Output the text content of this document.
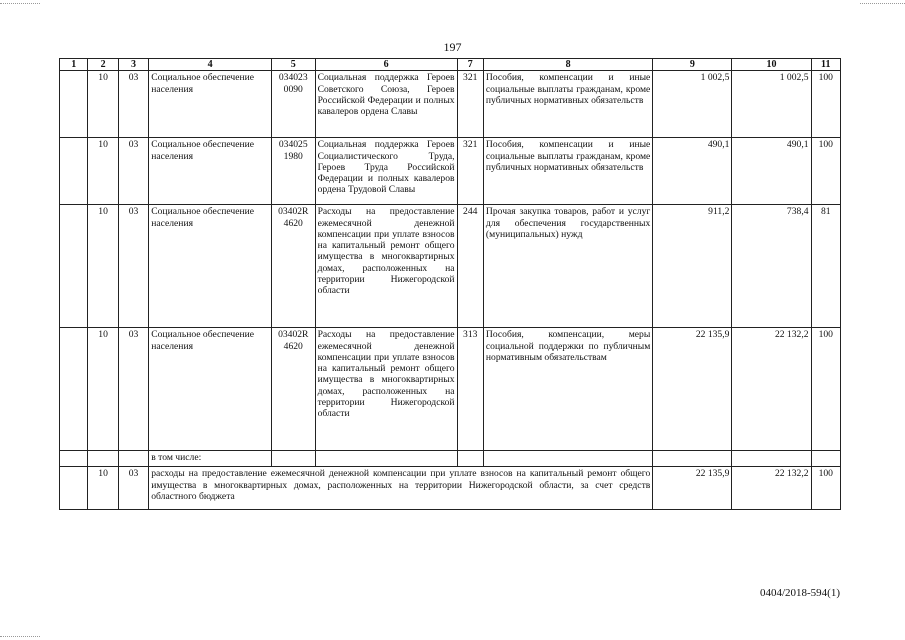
197
1	2	3	4	5	6	7	8	9	10	11
	10	03	Социальное обеспечение населения	034023 0090	Социальная поддержка Героев Советского Союза, Героев Российской Федерации и полных кавалеров ордена Славы	321	Пособия, компенсации и иные социальные выплаты гражданам, кроме публичных нормативных обязательств	1 002,5	1 002,5	100
	10	03	Социальное обеспечение населения	034025 1980	Социальная поддержка Героев Социалистического Труда, Героев Труда Российской Федерации и полных кавалеров ордена Трудовой Славы	321	Пособия, компенсации и иные социальные выплаты гражданам, кроме публичных нормативных обязательств	490,1	490,1	100
	10	03	Социальное обеспечение населения	03402R 4620	Расходы на предоставление ежемесячной денежной компенсации при уплате взносов на капитальный ремонт общего имущества в многоквартирных домах, расположенных на территории Нижегородской области	244	Прочая закупка товаров, работ и услуг для обеспечения государственных (муниципальных) нужд	911,2	738,4	81
	10	03	Социальное обеспечение населения	03402R 4620	Расходы на предоставление ежемесячной денежной компенсации при уплате взносов на капитальный ремонт общего имущества в многоквартирных домах, расположенных на территории Нижегородской области	313	Пособия, компенсации, меры социальной поддержки по публичным нормативным обязательствам	22 135,9	22 132,2	100
			в том числе:							
	10	03	расходы на предоставление ежемесячной денежной компенсации при уплате взносов на капитальный ремонт общего имущества в многоквартирных домах, расположенных на территории Нижегородской области, за счет средств областного бюджета					22 135,9	22 132,2	100
0404/2018-594(1)
